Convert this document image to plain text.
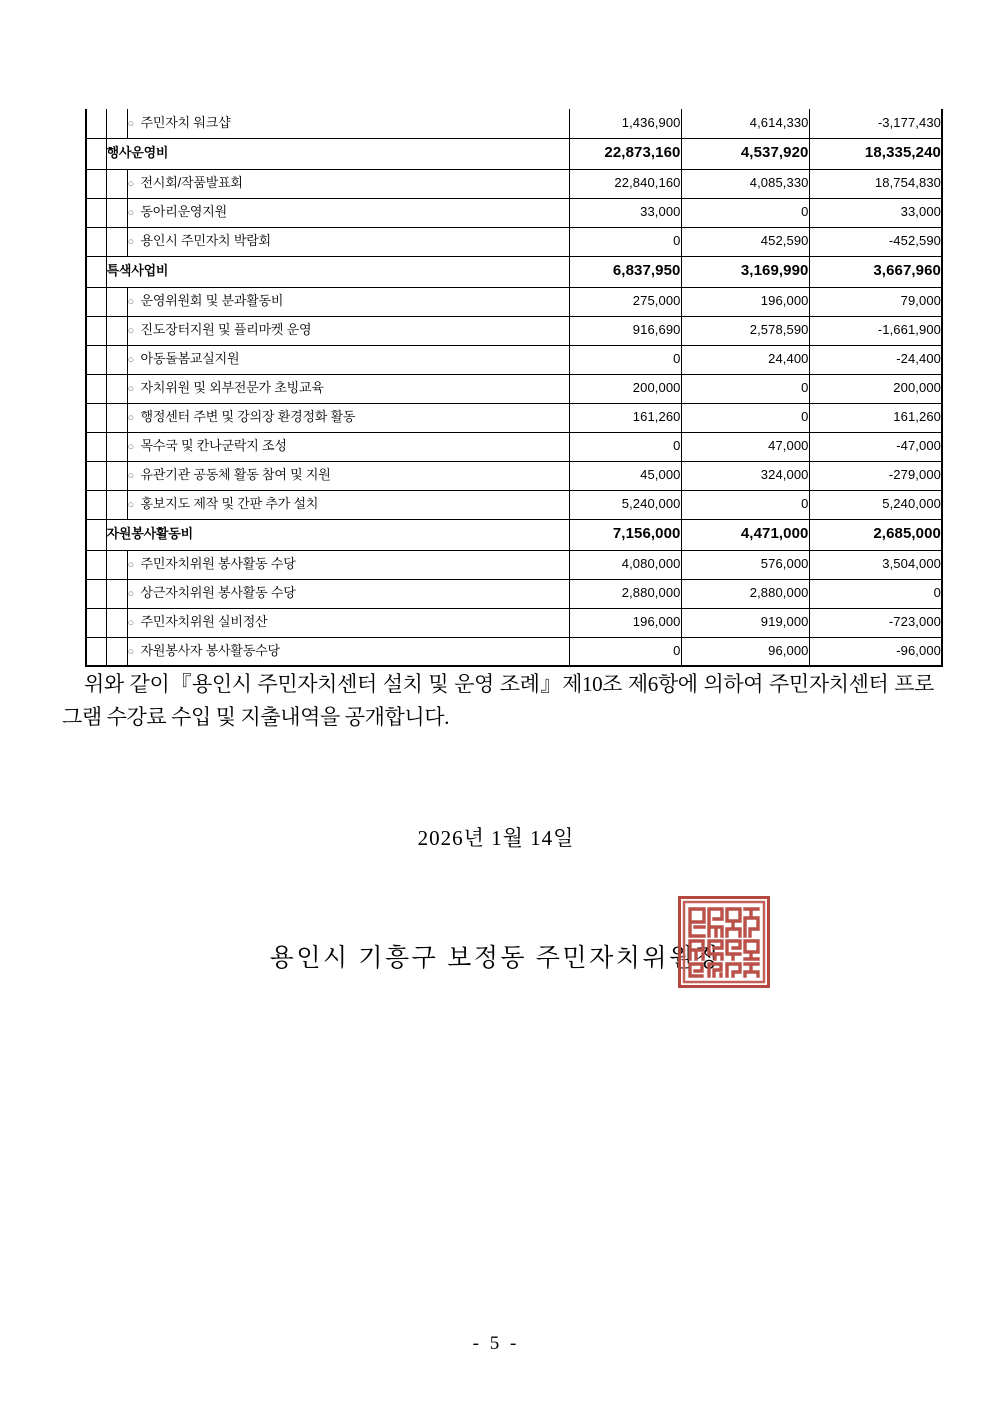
		○ 주민자치 워크샵	1,436,900	4,614,330	-3,177,430
	행사운영비		22,873,160	4,537,920	18,335,240
		○ 전시회/작품발표회	22,840,160	4,085,330	18,754,830
		○ 동아리운영지원	33,000	0	33,000
		○ 용인시 주민자치 박람회	0	452,590	-452,590
	특색사업비		6,837,950	3,169,990	3,667,960
		○ 운영위원회 및 분과활동비	275,000	196,000	79,000
		○ 진도장터지원 및 플리마켓 운영	916,690	2,578,590	-1,661,900
		○ 아동돌봄교실지원	0	24,400	-24,400
		○ 자치위원 및 외부전문가 초빙교육	200,000	0	200,000
		○ 행정센터 주변 및 강의장 환경정화 활동	161,260	0	161,260
		○ 목수국 및 칸나군락지 조성	0	47,000	-47,000
		○ 유관기관 공동체 활동 참여 및 지원	45,000	324,000	-279,000
		○ 홍보지도 제작 및 간판 추가 설치	5,240,000	0	5,240,000
	자원봉사활동비		7,156,000	4,471,000	2,685,000
		○ 주민자치위원 봉사활동 수당	4,080,000	576,000	3,504,000
		○ 상근자치위원 봉사활동 수당	2,880,000	2,880,000	0
		○ 주민자치위원 실비정산	196,000	919,000	-723,000
		○ 자원봉사자 봉사활동수당	0	96,000	-96,000
위와 같이『용인시 주민자치센터 설치 및 운영 조례』제10조 제6항에 의하여 주민자치센터 프로그램 수강료 수입 및 지출내역을 공개합니다.
2026년 1월 14일
용인시 기흥구 보정동 주민자치위원장
- 5 -
